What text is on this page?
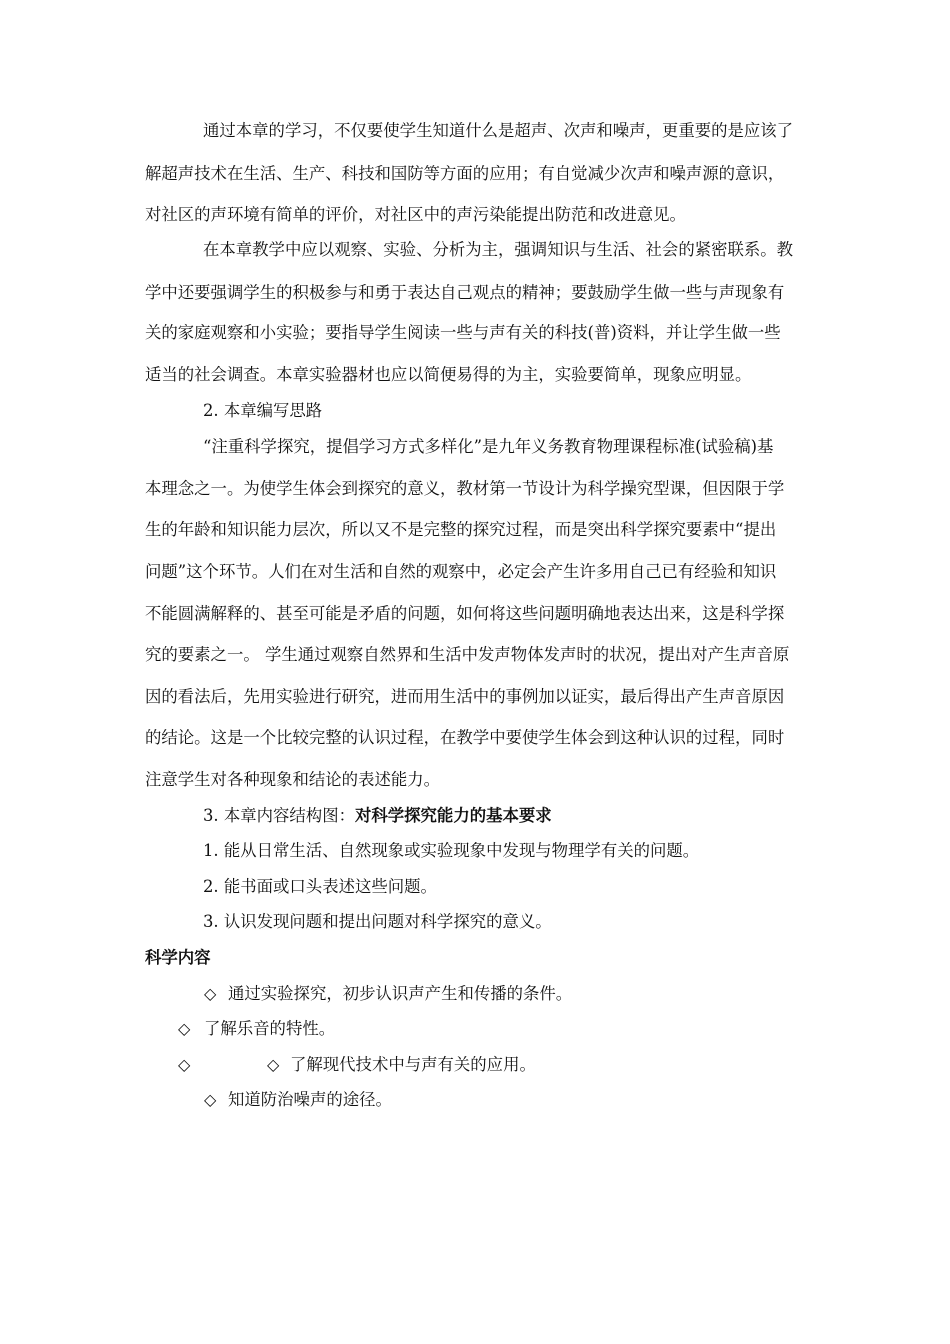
通过本章的学习，不仅要使学生知道什么是超声、次声和噪声，更重要的是应该了
解超声技术在生活、生产、科技和国防等方面的应用；有自觉减少次声和噪声源的意识，
对社区的声环境有简单的评价，对社区中的声污染能提出防范和改进意见。
在本章教学中应以观察、实验、分析为主，强调知识与生活、社会的紧密联系。教
学中还要强调学生的积极参与和勇于表达自己观点的精神；要鼓励学生做一些与声现象有
关的家庭观察和小实验；要指导学生阅读一些与声有关的科技(普)资料，并让学生做一些
适当的社会调查。本章实验器材也应以简便易得的为主，实验要简单，现象应明显。
2. 本章编写思路
“注重科学探究，提倡学习方式多样化”是九年义务教育物理课程标准(试验稿)基
本理念之一。为使学生体会到探究的意义，教材第一节设计为科学操究型课，但因限于学
生的年龄和知识能力层次，所以又不是完整的探究过程，而是突出科学探究要素中“提出
问题”这个环节。人们在对生活和自然的观察中，必定会产生许多用自己已有经验和知识
不能圆满解释的、甚至可能是矛盾的问题，如何将这些问题明确地表达出来，这是科学探
究的要素之一。 学生通过观察自然界和生活中发声物体发声时的状况，提出对产生声音原
因的看法后，先用实验进行研究，进而用生活中的事例加以证实，最后得出产生声音原因
的结论。这是一个比较完整的认识过程，在教学中要使学生体会到这种认识的过程，同时
注意学生对各种现象和结论的表述能力。
3. 本章内容结构图：对科学探究能力的基本要求
1. 能从日常生活、自然现象或实验现象中发现与物理学有关的问题。
2. 能书面或口头表述这些问题。
3. 认识发现问题和提出问题对科学探究的意义。
科学内容
◇ 通过实验探究，初步认识声产生和传播的条件。
◇ 了解乐音的特性。
◇	◇ 了解现代技术中与声有关的应用。
◇ 知道防治噪声的途径。
